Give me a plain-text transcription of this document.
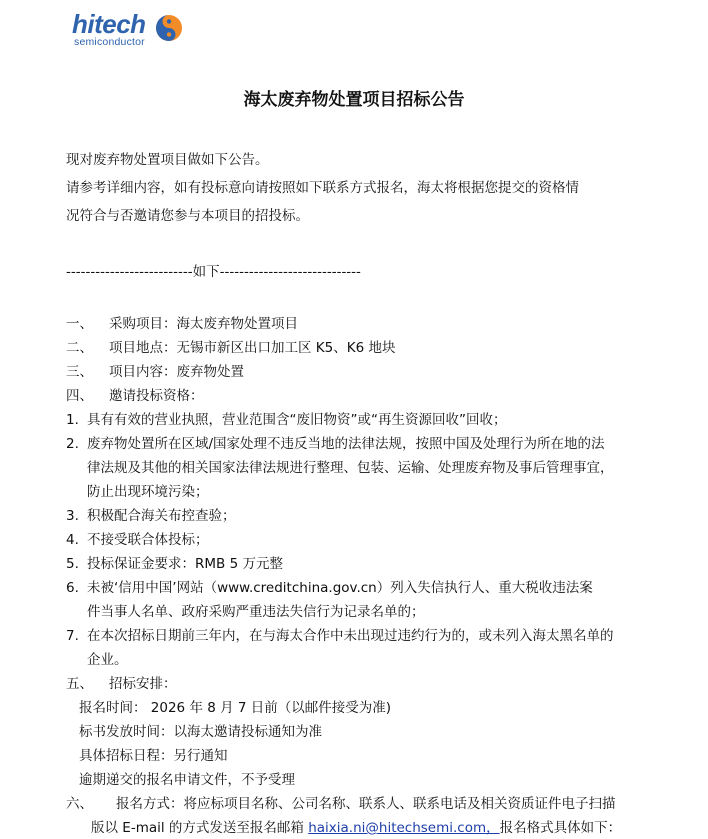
hitech
semiconductor
海太废弃物处置项目招标公告
现对废弃物处置项目做如下公告。
请参考详细内容，如有投标意向请按照如下联系方式报名，海太将根据您提交的资格情
况符合与否邀请您参与本项目的招投标。
--------------------------如下-----------------------------
一、 采购项目：海太废弃物处置项目
二、 项目地点：无锡市新区出口加工区 K5、K6 地块
三、 项目内容：废弃物处置
四、 邀请投标资格：
1. 具有有效的营业执照，营业范围含“废旧物资”或“再生资源回收”回收；
2. 废弃物处置所在区域/国家处理不违反当地的法律法规，按照中国及处理行为所在地的法
律法规及其他的相关国家法律法规进行整理、包装、运输、处理废弃物及事后管理事宜，
防止出现环境污染；
3. 积极配合海关布控查验；
4. 不接受联合体投标；
5. 投标保证金要求：RMB 5 万元整
6. 未被‘信用中国’网站（www.creditchina.gov.cn）列入失信执行人、重大税收违法案
件当事人名单、政府采购严重违法失信行为记录名单的；
7. 在本次招标日期前三年内，在与海太合作中未出现过违约行为的，或未列入海太黑名单的
企业。
五、 招标安排：
报名时间： 2026 年 8 月 7 日前（以邮件接受为准)
标书发放时间：以海太邀请投标通知为准
具体招标日程：另行通知
逾期递交的报名申请文件，不予受理
六、 报名方式：将应标项目名称、公司名称、联系人、联系电话及相关资质证件电子扫描
版以 E-mail 的方式发送至报名邮箱 haixia.ni@hitechsemi.com，报名格式具体如下：
